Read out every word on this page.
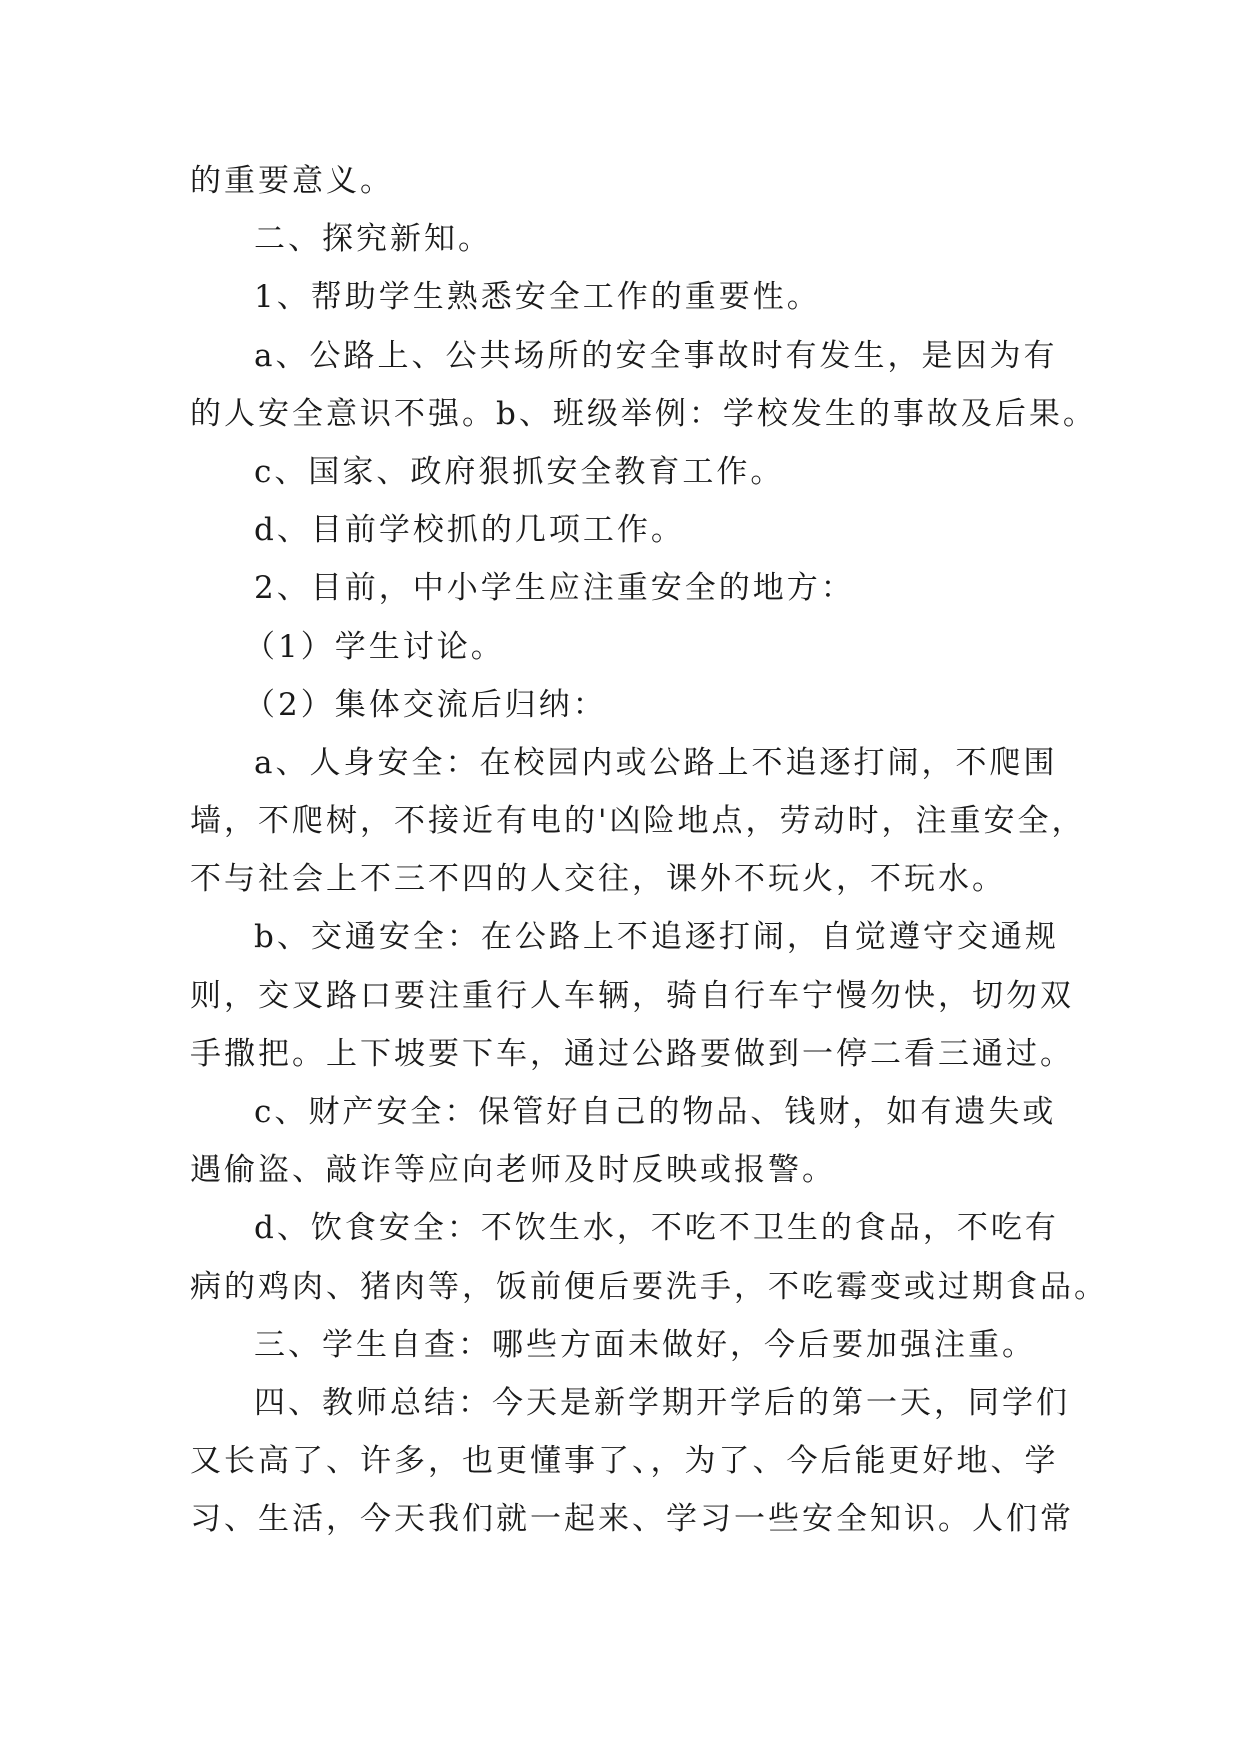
的重要意义。

二、探究新知。

1、帮助学生熟悉安全工作的重要性。

a、公路上、公共场所的安全事故时有发生，是因为有

的人安全意识不强。b、班级举例：学校发生的事故及后果。

c、国家、政府狠抓安全教育工作。

d、目前学校抓的几项工作。

2、目前，中小学生应注重安全的地方：

（1）学生讨论。

（2）集体交流后归纳：

a、人身安全：在校园内或公路上不追逐打闹，不爬围

墙，不爬树，不接近有电的'凶险地点，劳动时，注重安全，

不与社会上不三不四的人交往，课外不玩火，不玩水。

b、交通安全：在公路上不追逐打闹，自觉遵守交通规

则，交叉路口要注重行人车辆，骑自行车宁慢勿快，切勿双

手撒把。上下坡要下车，通过公路要做到一停二看三通过。

c、财产安全：保管好自己的物品、钱财，如有遗失或

遇偷盗、敲诈等应向老师及时反映或报警。

d、饮食安全：不饮生水，不吃不卫生的食品，不吃有

病的鸡肉、猪肉等，饭前便后要洗手，不吃霉变或过期食品。

三、学生自查：哪些方面未做好，今后要加强注重。

四、教师总结：今天是新学期开学后的第一天，同学们

又长高了、许多，也更懂事了、，为了、今后能更好地、学

习、生活，今天我们就一起来、学习一些安全知识。人们常
